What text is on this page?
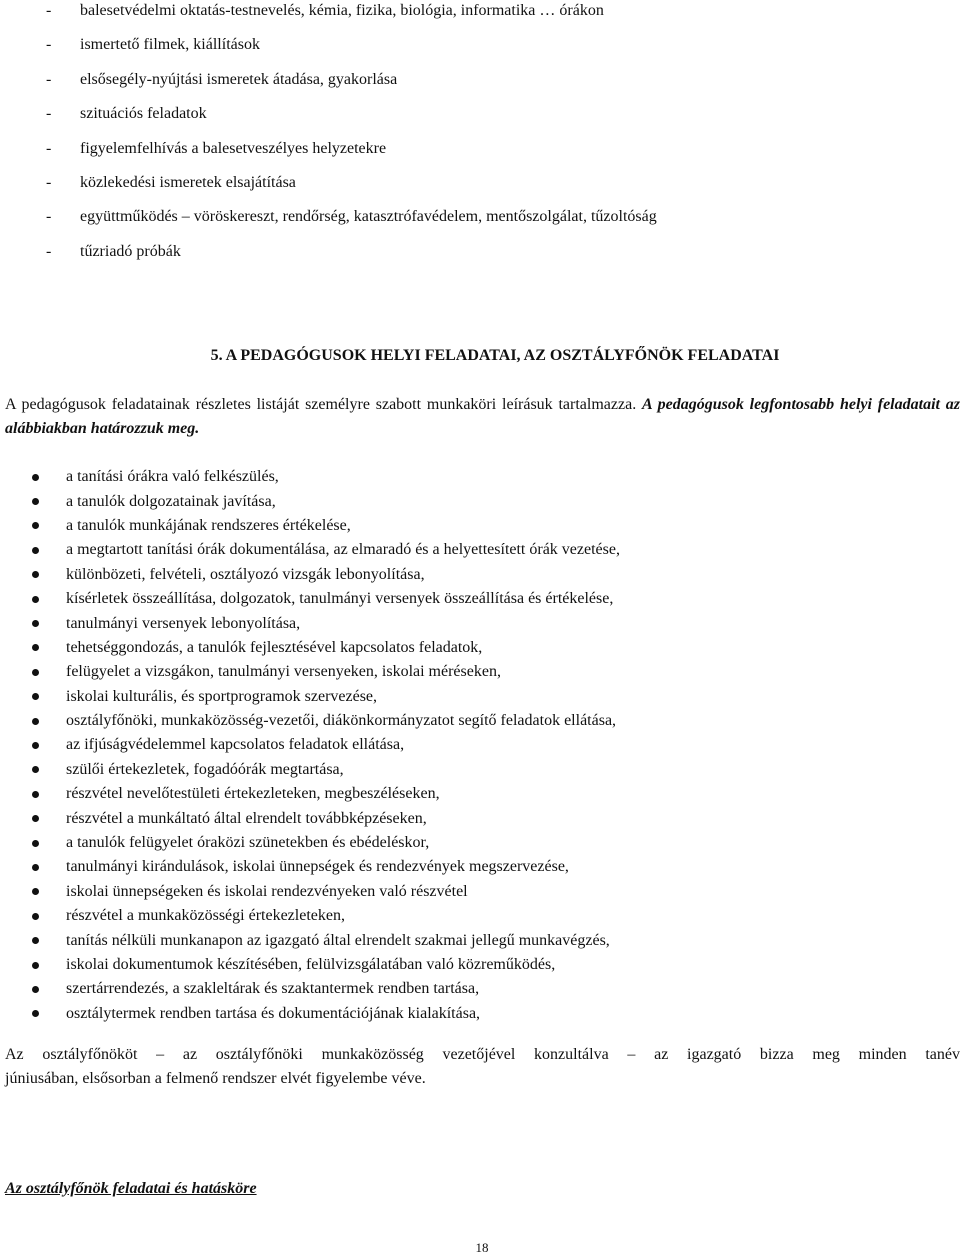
-	balesetvédelmi oktatás-testnevelés, kémia, fizika, biológia, informatika … órákon
-	ismertető filmek, kiállítások
-	elsősegély-nyújtási ismeretek átadása, gyakorlása
-	szituációs feladatok
-	figyelemfelhívás a balesetveszélyes helyzetekre
-	közlekedési ismeretek elsajátítása
-	együttműködés – vöröskereszt, rendőrség, katasztrófavédelem, mentőszolgálat, tűzoltóság
-	tűzriadó próbák
5. A PEDAGÓGUSOK HELYI FELADATAI, AZ OSZTÁLYFŐNÖK FELADATAI

A pedagógusok feladatainak részletes listáját személyre szabott munkaköri leírásuk tartalmazza. A pedagógusok legfontosabb helyi feladatait az alábbiakban határozzuk meg.

a tanítási órákra való felkészülés,
a tanulók dolgozatainak javítása,
a tanulók munkájának rendszeres értékelése,
a megtartott tanítási órák dokumentálása, az elmaradó és a helyettesített órák vezetése,
különbözeti, felvételi, osztályozó vizsgák lebonyolítása,
kísérletek összeállítása, dolgozatok, tanulmányi versenyek összeállítása és értékelése,
tanulmányi versenyek lebonyolítása,
tehetséggondozás, a tanulók fejlesztésével kapcsolatos feladatok,
felügyelet a vizsgákon, tanulmányi versenyeken, iskolai méréseken,
iskolai kulturális, és sportprogramok szervezése,
osztályfőnöki, munkaközösség-vezetői, diákönkormányzatot segítő feladatok ellátása,
az ifjúságvédelemmel kapcsolatos feladatok ellátása,
szülői értekezletek, fogadóórák megtartása,
részvétel nevelőtestületi értekezleteken, megbeszéléseken,
részvétel a munkáltató által elrendelt továbbképzéseken,
a tanulók felügyelet óraközi szünetekben és ebédeléskor,
tanulmányi kirándulások, iskolai ünnepségek és rendezvények megszervezése,
iskolai ünnepségeken és iskolai rendezvényeken való részvétel
részvétel a munkaközösségi értekezleteken,
tanítás nélküli munkanapon az igazgató által elrendelt szakmai jellegű munkavégzés,
iskolai dokumentumok készítésében, felülvizsgálatában való közreműködés,
szertárrendezés, a szakleltárak és szaktantermek rendben tartása,
osztálytermek rendben tartása és dokumentációjának kialakítása,

Az osztályfőnököt – az osztályfőnöki munkaközösség vezetőjével konzultálva – az igazgató bizza meg minden tanév
júniusában, elsősorban a felmenő rendszer elvét figyelembe véve.

Az osztályfőnök feladatai és hatásköre
18
